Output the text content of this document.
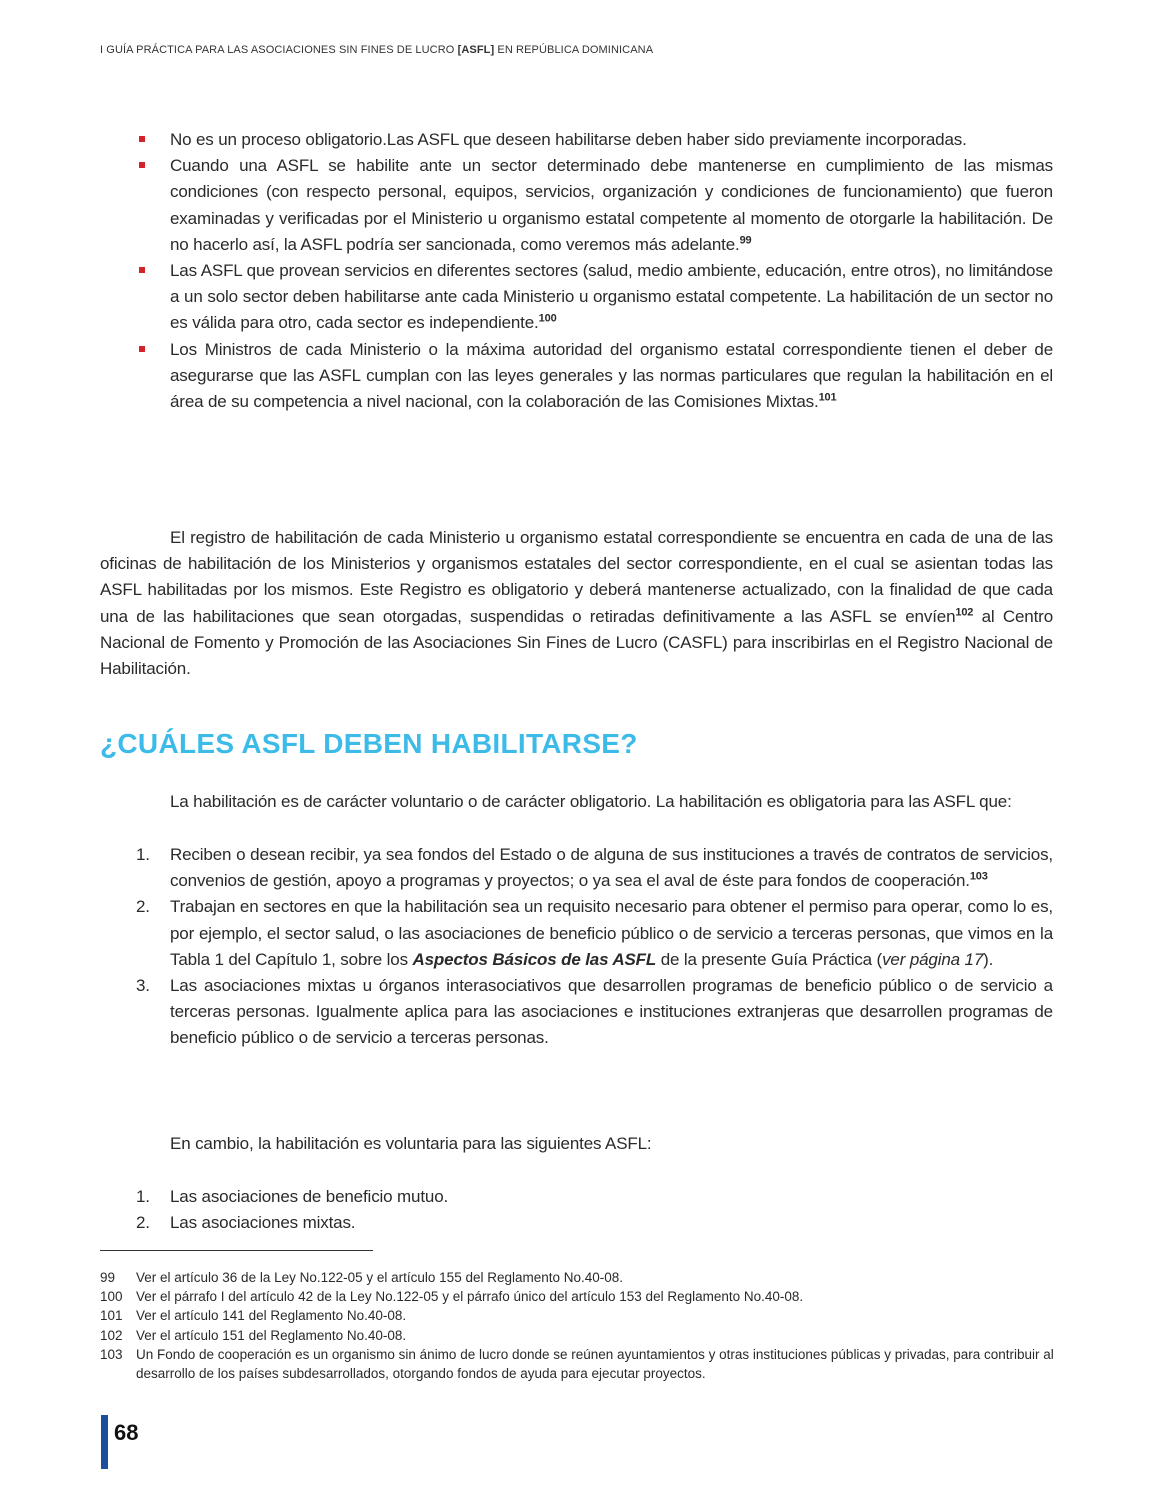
I GUÍA PRÁCTICA PARA LAS ASOCIACIONES SIN FINES DE LUCRO [ASFL] EN REPÚBLICA DOMINICANA
No es un proceso obligatorio.Las ASFL que deseen habilitarse deben haber sido previamente incorporadas.
Cuando una ASFL se habilite ante un sector determinado debe mantenerse en cumplimiento de las mismas condiciones (con respecto personal, equipos, servicios, organización y condiciones de funcionamiento) que fueron examinadas y verificadas por el Ministerio u organismo estatal competente al momento de otorgarle la habilitación. De no hacerlo así, la ASFL podría ser sancionada, como veremos más adelante.$^{99}$
Las ASFL que provean servicios en diferentes sectores (salud, medio ambiente, educación, entre otros), no limitándose a un solo sector deben habilitarse ante cada Ministerio u organismo estatal competente. La habilitación de un sector no es válida para otro, cada sector es independiente.$^{100}$
Los Ministros de cada Ministerio o la máxima autoridad del organismo estatal correspondiente tienen el deber de asegurarse que las ASFL cumplan con las leyes generales y las normas particulares que regulan la habilitación en el área de su competencia a nivel nacional, con la colaboración de las Comisiones Mixtas.$^{101}$
El registro de habilitación de cada Ministerio u organismo estatal correspondiente se encuentra en cada de una de las oficinas de habilitación de los Ministerios y organismos estatales del sector correspondiente, en el cual se asientan todas las ASFL habilitadas por los mismos. Este Registro es obligatorio y deberá mantenerse actualizado, con la finalidad de que cada una de las habilitaciones que sean otorgadas, suspendidas o retiradas definitivamente a las ASFL se envíen$^{102}$ al Centro Nacional de Fomento y Promoción de las Asociaciones Sin Fines de Lucro (CASFL) para inscribirlas en el Registro Nacional de Habilitación.
¿CUÁLES ASFL DEBEN HABILITARSE?
La habilitación es de carácter voluntario o de carácter obligatorio. La habilitación es obligatoria para las ASFL que:
1. Reciben o desean recibir, ya sea fondos del Estado o de alguna de sus instituciones a través de contratos de servicios, convenios de gestión, apoyo a programas y proyectos; o ya sea el aval de éste para fondos de cooperación.$^{103}$
2. Trabajan en sectores en que la habilitación sea un requisito necesario para obtener el permiso para operar, como lo es, por ejemplo, el sector salud, o las asociaciones de beneficio público o de servicio a terceras personas, que vimos en la Tabla 1 del Capítulo 1, sobre los Aspectos Básicos de las ASFL de la presente Guía Práctica (ver página 17).
3. Las asociaciones mixtas u órganos interasociativos que desarrollen programas de beneficio público o de servicio a terceras personas. Igualmente aplica para las asociaciones e instituciones extranjeras que desarrollen programas de beneficio público o de servicio a terceras personas.
En cambio, la habilitación es voluntaria para las siguientes ASFL:
1. Las asociaciones de beneficio mutuo.
2. Las asociaciones mixtas.
99 Ver el artículo 36 de la Ley No.122-05 y el artículo 155 del Reglamento No.40-08.
100 Ver el párrafo I del artículo 42 de la Ley No.122-05 y el párrafo único del artículo 153 del Reglamento No.40-08.
101 Ver el artículo 141 del Reglamento No.40-08.
102 Ver el artículo 151 del Reglamento No.40-08.
103 Un Fondo de cooperación es un organismo sin ánimo de lucro donde se reúnen ayuntamientos y otras instituciones públicas y privadas, para contribuir al desarrollo de los países subdesarrollados, otorgando fondos de ayuda para ejecutar proyectos.
68
